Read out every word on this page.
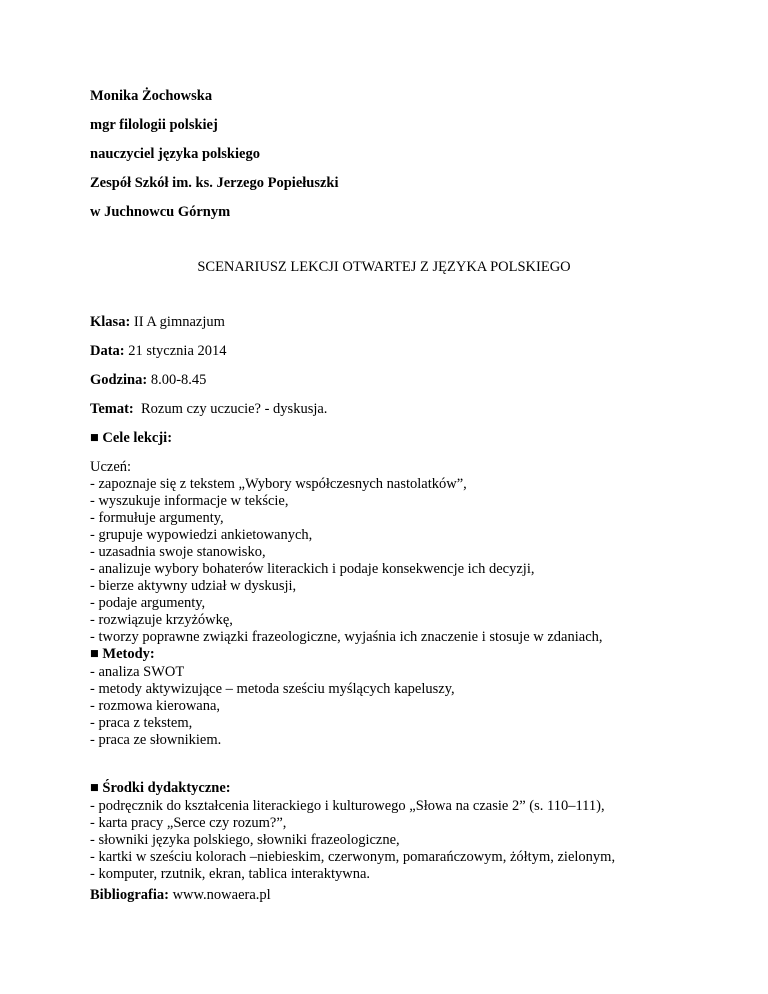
Monika Żochowska
mgr filologii polskiej
nauczyciel języka polskiego
Zespół Szkół im. ks. Jerzego Popiełuszki
w Juchnowcu Górnym
SCENARIUSZ LEKCJI OTWARTEJ Z JĘZYKA POLSKIEGO
Klasa: II A gimnazjum
Data: 21 stycznia 2014
Godzina: 8.00-8.45
Temat:  Rozum czy uczucie? - dyskusja.
■ Cele lekcji:
Uczeń:
- zapoznaje się z tekstem „Wybory współczesnych nastolatków”,
- wyszukuje informacje w tekście,
- formułuje argumenty,
- grupuje wypowiedzi ankietowanych,
- uzasadnia swoje stanowisko,
- analizuje wybory bohaterów literackich i podaje konsekwencje ich decyzji,
- bierze aktywny udział w dyskusji,
- podaje argumenty,
- rozwiązuje krzyżówkę,
- tworzy poprawne związki frazeologiczne, wyjaśnia ich znaczenie i stosuje w zdaniach,
■ Metody:
- analiza SWOT
- metody aktywizujące – metoda sześciu myślących kapeluszy,
- rozmowa kierowana,
- praca z tekstem,
- praca ze słownikiem.
■ Środki dydaktyczne:
- podręcznik do kształcenia literackiego i kulturowego „Słowa na czasie 2” (s. 110–111),
- karta pracy „Serce czy rozum?”,
- słowniki języka polskiego, słowniki frazeologiczne,
- kartki w sześciu kolorach –niebieskim, czerwonym, pomarańczowym, żółtym, zielonym,
- komputer, rzutnik, ekran, tablica interaktywna.
Bibliografia: www.nowaera.pl
